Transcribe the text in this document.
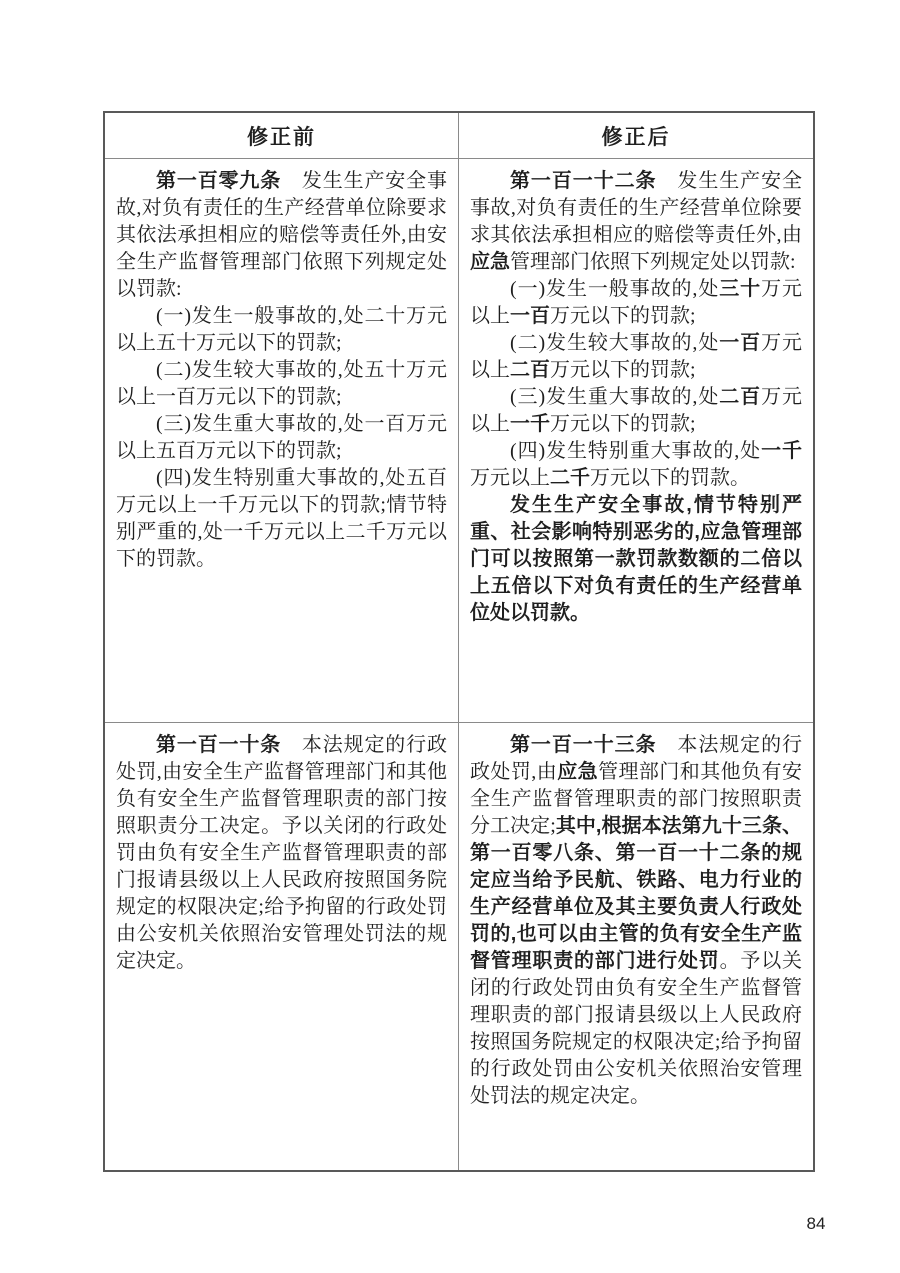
修正前	修正后

第一百零九条　发生生产安全事故,对负有责任的生产经营单位除要求其依法承担相应的赔偿等责任外,由安全生产监督管理部门依照下列规定处以罚款:

(一)发生一般事故的,处二十万元以上五十万元以下的罚款;

(二)发生较大事故的,处五十万元以上一百万元以下的罚款;

(三)发生重大事故的,处一百万元以上五百万元以下的罚款;

(四)发生特别重大事故的,处五百万元以上一千万元以下的罚款;情节特别严重的,处一千万元以上二千万元以下的罚款。

第一百一十二条　发生生产安全事故,对负有责任的生产经营单位除要求其依法承担相应的赔偿等责任外,由应急管理部门依照下列规定处以罚款:

(一)发生一般事故的,处三十万元以上一百万元以下的罚款;

(二)发生较大事故的,处一百万元以上二百万元以下的罚款;

(三)发生重大事故的,处二百万元以上一千万元以下的罚款;

(四)发生特别重大事故的,处一千万元以上二千万元以下的罚款。

发生生产安全事故,情节特别严重、社会影响特别恶劣的,应急管理部门可以按照第一款罚款数额的二倍以上五倍以下对负有责任的生产经营单位处以罚款。

第一百一十条　本法规定的行政处罚,由安全生产监督管理部门和其他负有安全生产监督管理职责的部门按照职责分工决定。予以关闭的行政处罚由负有安全生产监督管理职责的部门报请县级以上人民政府按照国务院规定的权限决定;给予拘留的行政处罚由公安机关依照治安管理处罚法的规定决定。

第一百一十三条　本法规定的行政处罚,由应急管理部门和其他负有安全生产监督管理职责的部门按照职责分工决定;其中,根据本法第九十三条、第一百零八条、第一百一十二条的规定应当给予民航、铁路、电力行业的生产经营单位及其主要负责人行政处罚的,也可以由主管的负有安全生产监督管理职责的部门进行处罚。予以关闭的行政处罚由负有安全生产监督管理职责的部门报请县级以上人民政府按照国务院规定的权限决定;给予拘留的行政处罚由公安机关依照治安管理处罚法的规定决定。

84
